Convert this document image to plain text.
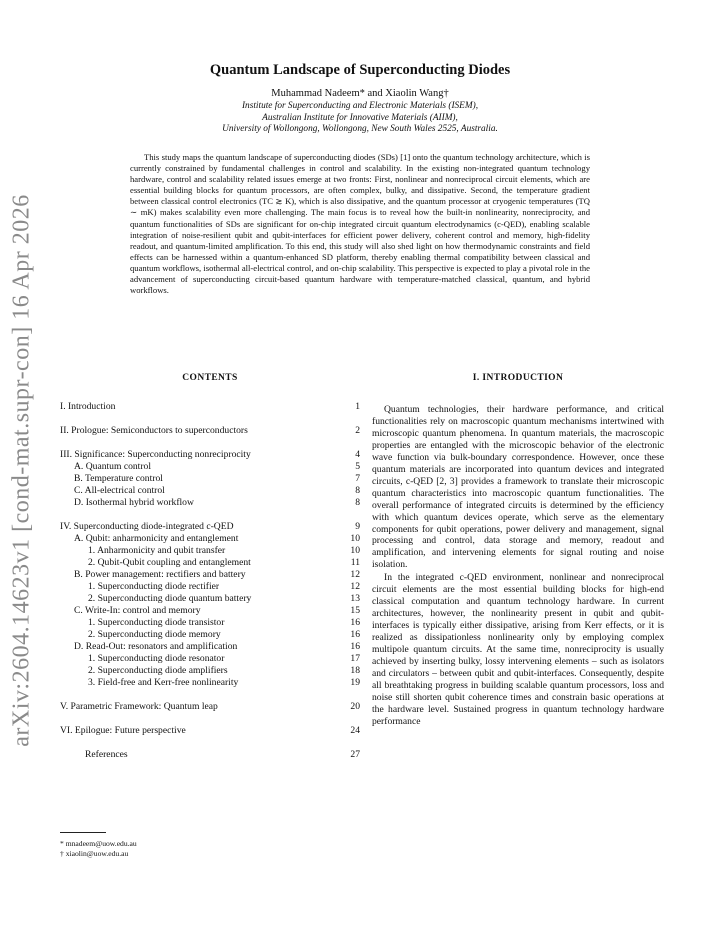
arXiv:2604.14623v1 [cond-mat.supr-con] 16 Apr 2026
Quantum Landscape of Superconducting Diodes
Muhammad Nadeem* and Xiaolin Wang†
Institute for Superconducting and Electronic Materials (ISEM),
Australian Institute for Innovative Materials (AIIM),
University of Wollongong, Wollongong, New South Wales 2525, Australia.

This study maps the quantum landscape of superconducting diodes (SDs) [1] onto the quantum technology architecture, which is currently constrained by fundamental challenges in control and scalability. In the existing non-integrated quantum technology hardware, control and scalability related issues emerge at two fronts: First, nonlinear and nonreciprocal circuit elements, which are essential building blocks for quantum processors, are often complex, bulky, and dissipative. Second, the temperature gradient between classical control electronics (TC ≳ K), which is also dissipative, and the quantum processor at cryogenic temperatures (TQ ∼ mK) makes scalability even more challenging. The main focus is to reveal how the built-in nonlinearity, nonreciprocity, and quantum functionalities of SDs are significant for on-chip integrated circuit quantum electrodynamics (c-QED), enabling scalable integration of noise-resilient qubit and qubit-interfaces for efficient power delivery, coherent control and memory, high-fidelity readout, and quantum-limited amplification. To this end, this study will also shed light on how thermodynamic constraints and field effects can be harnessed within a quantum-enhanced SD platform, thereby enabling thermal compatibility between classical and quantum workflows, isothermal all-electrical control, and on-chip scalability. This perspective is expected to play a pivotal role in the advancement of superconducting circuit-based quantum hardware with temperature-matched classical, quantum, and hybrid workflows.

CONTENTS
I. Introduction	1
II. Prologue: Semiconductors to superconductors	2
III. Significance: Superconducting nonreciprocity	4
A. Quantum control	5
B. Temperature control	7
C. All-electrical control	8
D. Isothermal hybrid workflow	8
IV. Superconducting diode-integrated c-QED	9
A. Qubit: anharmonicity and entanglement	10
1. Anharmonicity and qubit transfer	10
2. Qubit-Qubit coupling and entanglement	11
B. Power management: rectifiers and battery	12
1. Superconducting diode rectifier	12
2. Superconducting diode quantum battery	13
C. Write-In: control and memory	15
1. Superconducting diode transistor	16
2. Superconducting diode memory	16
D. Read-Out: resonators and amplification	16
1. Superconducting diode resonator	17
2. Superconducting diode amplifiers	18
3. Field-free and Kerr-free nonlinearity	19
V. Parametric Framework: Quantum leap	20
VI. Epilogue: Future perspective	24
References	27
* mnadeem@uow.edu.au
† xiaolin@uow.edu.au
I. INTRODUCTION

Quantum technologies, their hardware performance, and critical functionalities rely on macroscopic quantum mechanisms intertwined with microscopic quantum phenomena. In quantum materials, the macroscopic properties are entangled with the microscopic behavior of the electronic wave function via bulk-boundary correspondence. However, once these quantum materials are incorporated into quantum devices and integrated circuits, c-QED [2, 3] provides a framework to translate their microscopic quantum characteristics into macroscopic quantum functionalities. The overall performance of integrated circuits is determined by the efficiency with which quantum devices operate, which serve as the elementary components for qubit operations, power delivery and management, signal processing and control, data storage and memory, readout and amplification, and intervening elements for signal routing and noise isolation.

In the integrated c-QED environment, nonlinear and nonreciprocal circuit elements are the most essential building blocks for high-end classical computation and quantum technology hardware. In current architectures, however, the nonlinearity present in qubit and qubit-interfaces is typically either dissipative, arising from Kerr effects, or it is realized as dissipationless nonlinearity only by employing complex multipole quantum circuits. At the same time, nonreciprocity is usually achieved by inserting bulky, lossy intervening elements – such as isolators and circulators – between qubit and qubit-interfaces. Consequently, despite all breathtaking progress in building scalable quantum processors, loss and noise still shorten qubit coherence times and constrain basic operations at the hardware level. Sustained progress in quantum technology hardware performance
